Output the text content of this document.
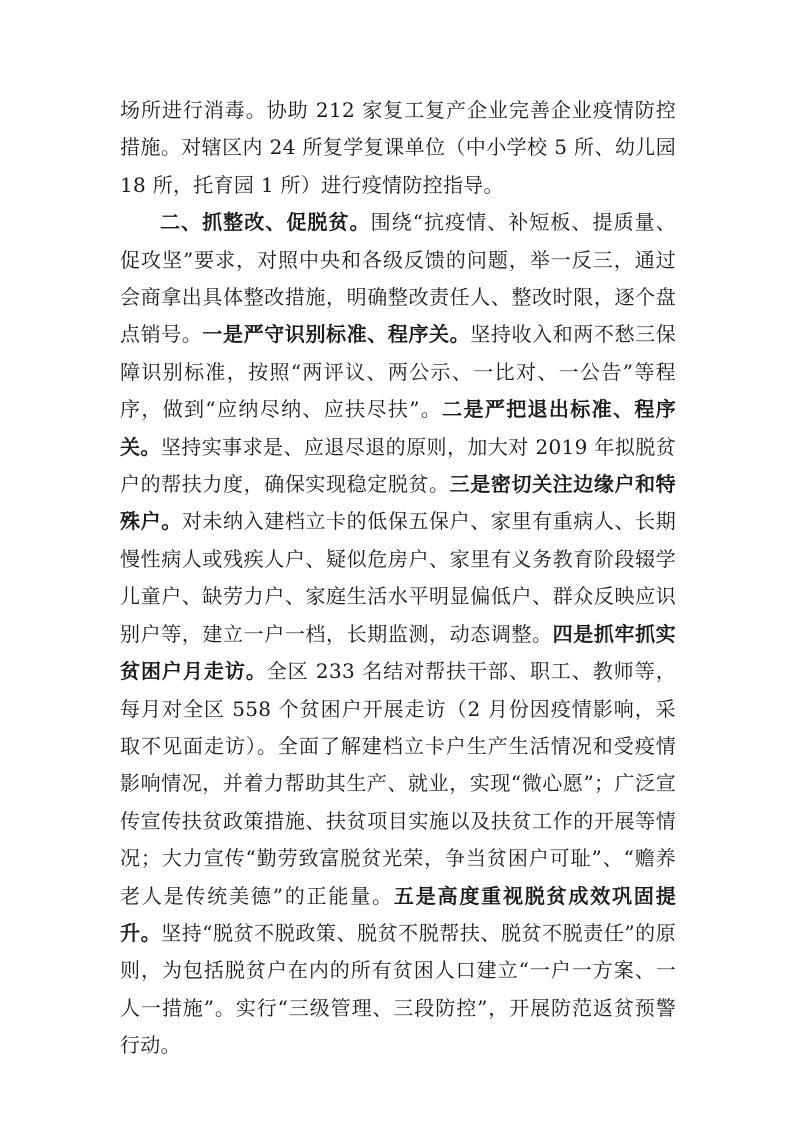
场所进行消毒。协助 212 家复工复产企业完善企业疫情防控措施。对辖区内 24 所复学复课单位（中小学校 5 所、幼儿园 18 所，托育园 1 所）进行疫情防控指导。

二、抓整改、促脱贫。围绕“抗疫情、补短板、提质量、促攻坚”要求，对照中央和各级反馈的问题，举一反三，通过会商拿出具体整改措施，明确整改责任人、整改时限，逐个盘点销号。一是严守识别标准、程序关。坚持收入和两不愁三保障识别标准，按照“两评议、两公示、一比对、一公告”等程序，做到“应纳尽纳、应扶尽扶”。二是严把退出标准、程序关。坚持实事求是、应退尽退的原则，加大对 2019 年拟脱贫户的帮扶力度，确保实现稳定脱贫。三是密切关注边缘户和特殊户。对未纳入建档立卡的低保五保户、家里有重病人、长期慢性病人或残疾人户、疑似危房户、家里有义务教育阶段辍学儿童户、缺劳力户、家庭生活水平明显偏低户、群众反映应识别户等，建立一户一档，长期监测，动态调整。四是抓牢抓实贫困户月走访。全区 233 名结对帮扶干部、职工、教师等，每月对全区 558 个贫困户开展走访（2 月份因疫情影响，采取不见面走访）。全面了解建档立卡户生产生活情况和受疫情影响情况，并着力帮助其生产、就业，实现“微心愿”；广泛宣传宣传扶贫政策措施、扶贫项目实施以及扶贫工作的开展等情况；大力宣传“勤劳致富脱贫光荣，争当贫困户可耻”、“赡养老人是传统美德”的正能量。五是高度重视脱贫成效巩固提升。坚持“脱贫不脱政策、脱贫不脱帮扶、脱贫不脱责任”的原则，为包括脱贫户在内的所有贫困人口建立“一户一方案、一人一措施”。实行“三级管理、三段防控”，开展防范返贫预警行动。
